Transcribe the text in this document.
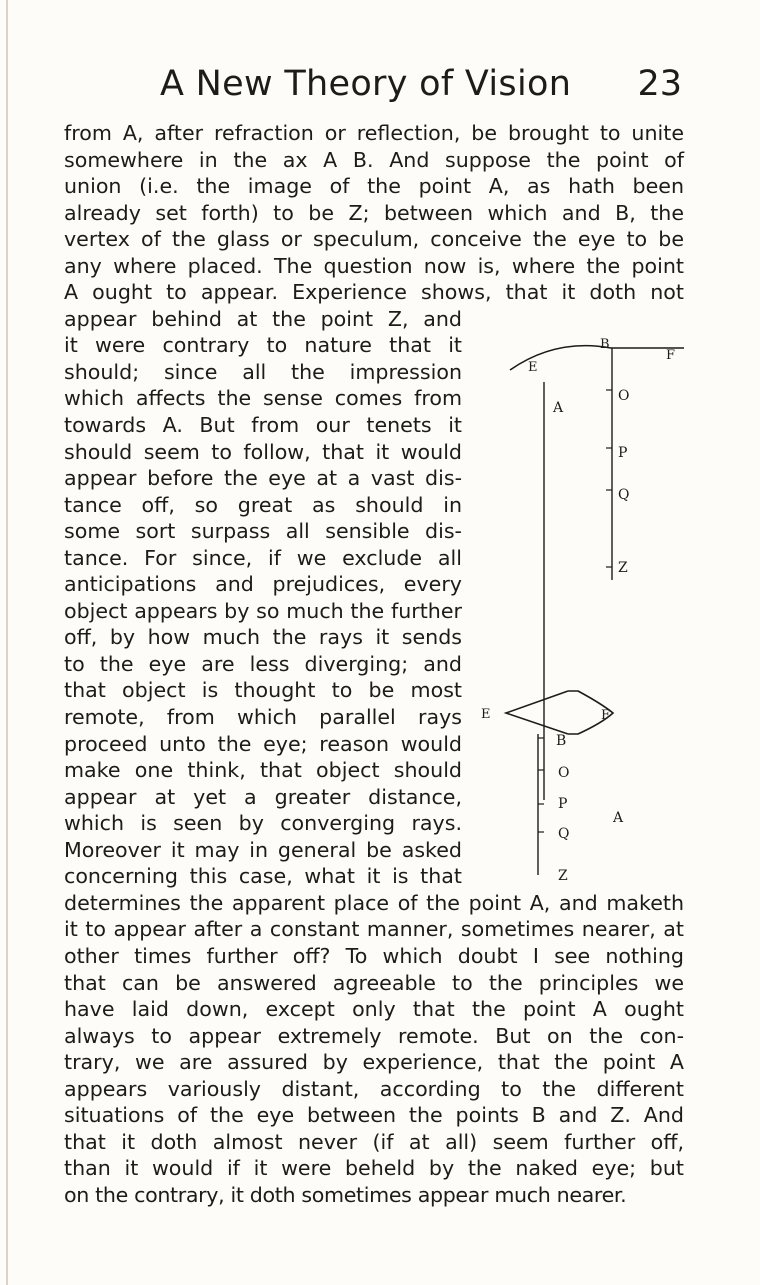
A New Theory of Vision 23
from A, after refraction or reflection, be brought to unite
somewhere in the ax A B. And suppose the point of
union (i.e. the image of the point A, as hath been
already set forth) to be Z; between which and B, the
vertex of the glass or speculum, conceive the eye to be
any where placed. The question now is, where the point
A ought to appear. Experience shows, that it doth not
appear behind at the point Z, and
it were contrary to nature that it
should; since all the impression
which affects the sense comes from
towards A. But from our tenets it
should seem to follow, that it would
appear before the eye at a vast dis-
tance off, so great as should in
some sort surpass all sensible dis-
tance. For since, if we exclude all
anticipations and prejudices, every
object appears by so much the further
off, by how much the rays it sends
to the eye are less diverging; and
that object is thought to be most
remote, from which parallel rays
proceed unto the eye; reason would
make one think, that object should
appear at yet a greater distance,
which is seen by converging rays.
Moreover it may in general be asked
concerning this case, what it is that
determines the apparent place of the point A, and maketh
it to appear after a constant manner, sometimes nearer, at
other times further off? To which doubt I see nothing
that can be answered agreeable to the principles we
have laid down, except only that the point A ought
always to appear extremely remote. But on the con-
trary, we are assured by experience, that the point A
appears variously distant, according to the different
situations of the eye between the points B and Z. And
that it doth almost never (if at all) seem further off,
than it would if it were beheld by the naked eye; but
on the contrary, it doth sometimes appear much nearer.
E
B
F
A
O
P
Q
Z
E	F
B
O
P
Q
Z
A
